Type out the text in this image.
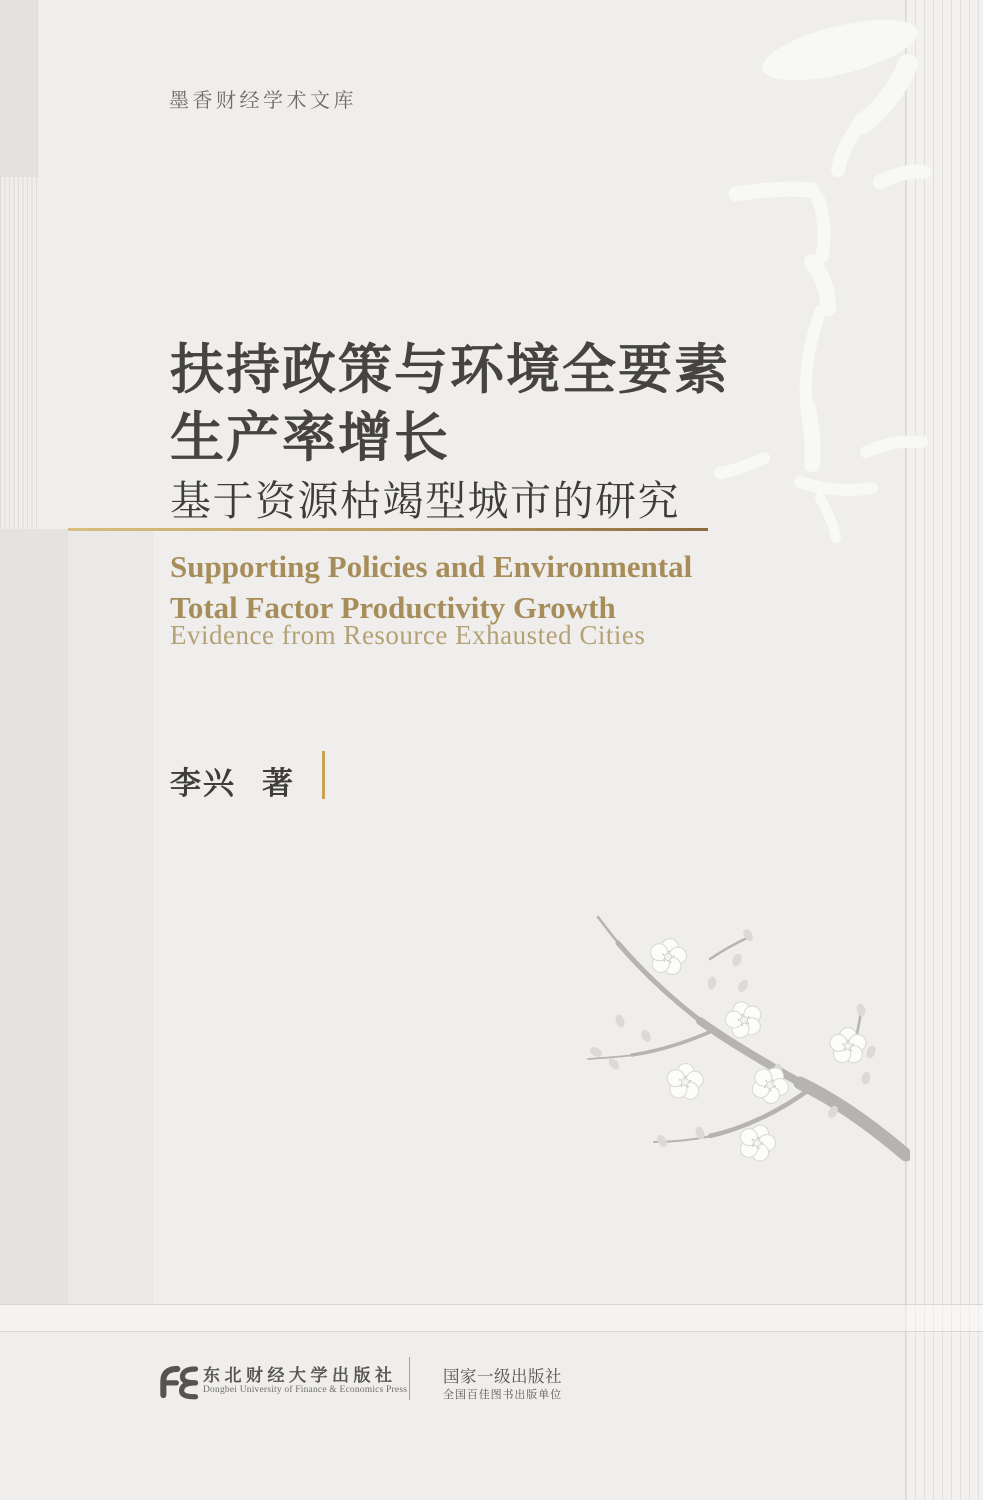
墨香财经学术文库
扶持政策与环境全要素
生产率增长
基于资源枯竭型城市的研究
Supporting Policies and Environmental
Total Factor Productivity Growth
Evidence from Resource Exhausted Cities
李兴 著
东北财经大学出版社
Dongbei University of Finance & Economics Press
国家一级出版社
全国百佳图书出版单位
